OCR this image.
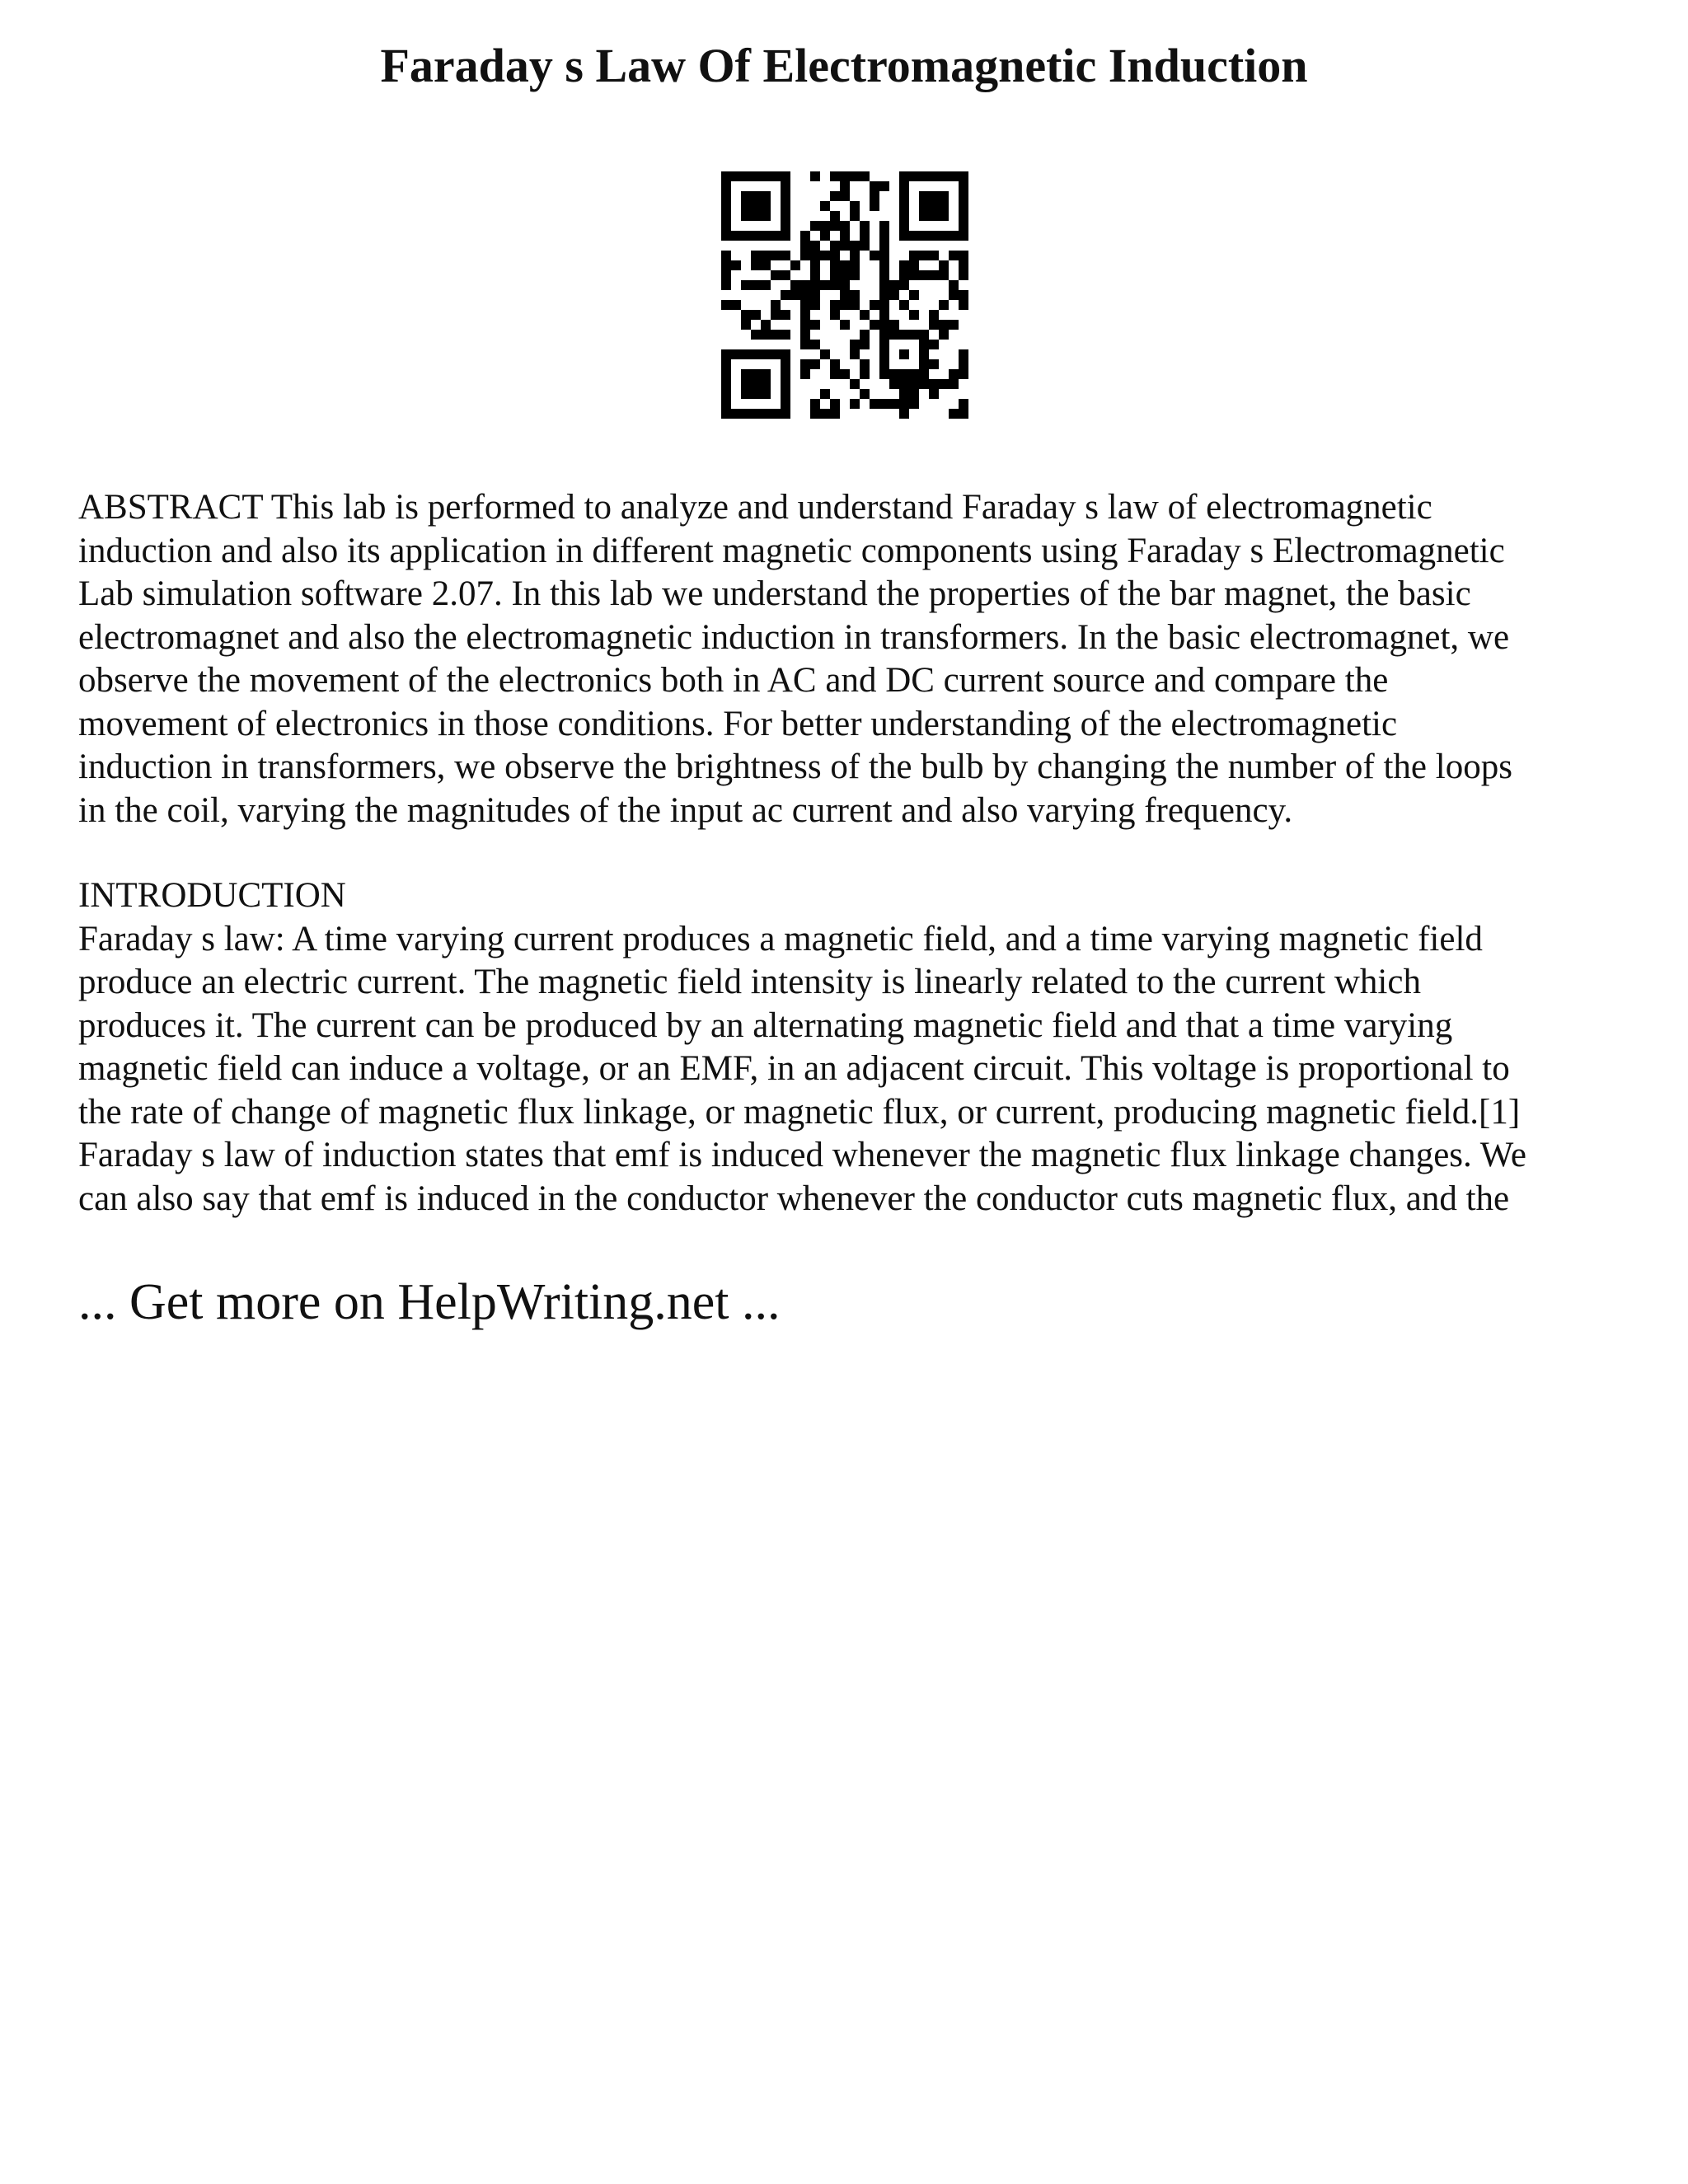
Faraday s Law Of Electromagnetic Induction

ABSTRACT This lab is performed to analyze and understand Faraday s law of electromagnetic
induction and also its application in different magnetic components using Faraday s Electromagnetic
Lab simulation software 2.07. In this lab we understand the properties of the bar magnet, the basic
electromagnet and also the electromagnetic induction in transformers. In the basic electromagnet, we
observe the movement of the electronics both in AC and DC current source and compare the
movement of electronics in those conditions. For better understanding of the electromagnetic
induction in transformers, we observe the brightness of the bulb by changing the number of the loops
in the coil, varying the magnitudes of the input ac current and also varying frequency.

INTRODUCTION
Faraday s law: A time varying current produces a magnetic field, and a time varying magnetic field
produce an electric current. The magnetic field intensity is linearly related to the current which
produces it. The current can be produced by an alternating magnetic field and that a time varying
magnetic field can induce a voltage, or an EMF, in an adjacent circuit. This voltage is proportional to
the rate of change of magnetic flux linkage, or magnetic flux, or current, producing magnetic field.[1]
Faraday s law of induction states that emf is induced whenever the magnetic flux linkage changes. We
can also say that emf is induced in the conductor whenever the conductor cuts magnetic flux, and the

... Get more on HelpWriting.net ...
